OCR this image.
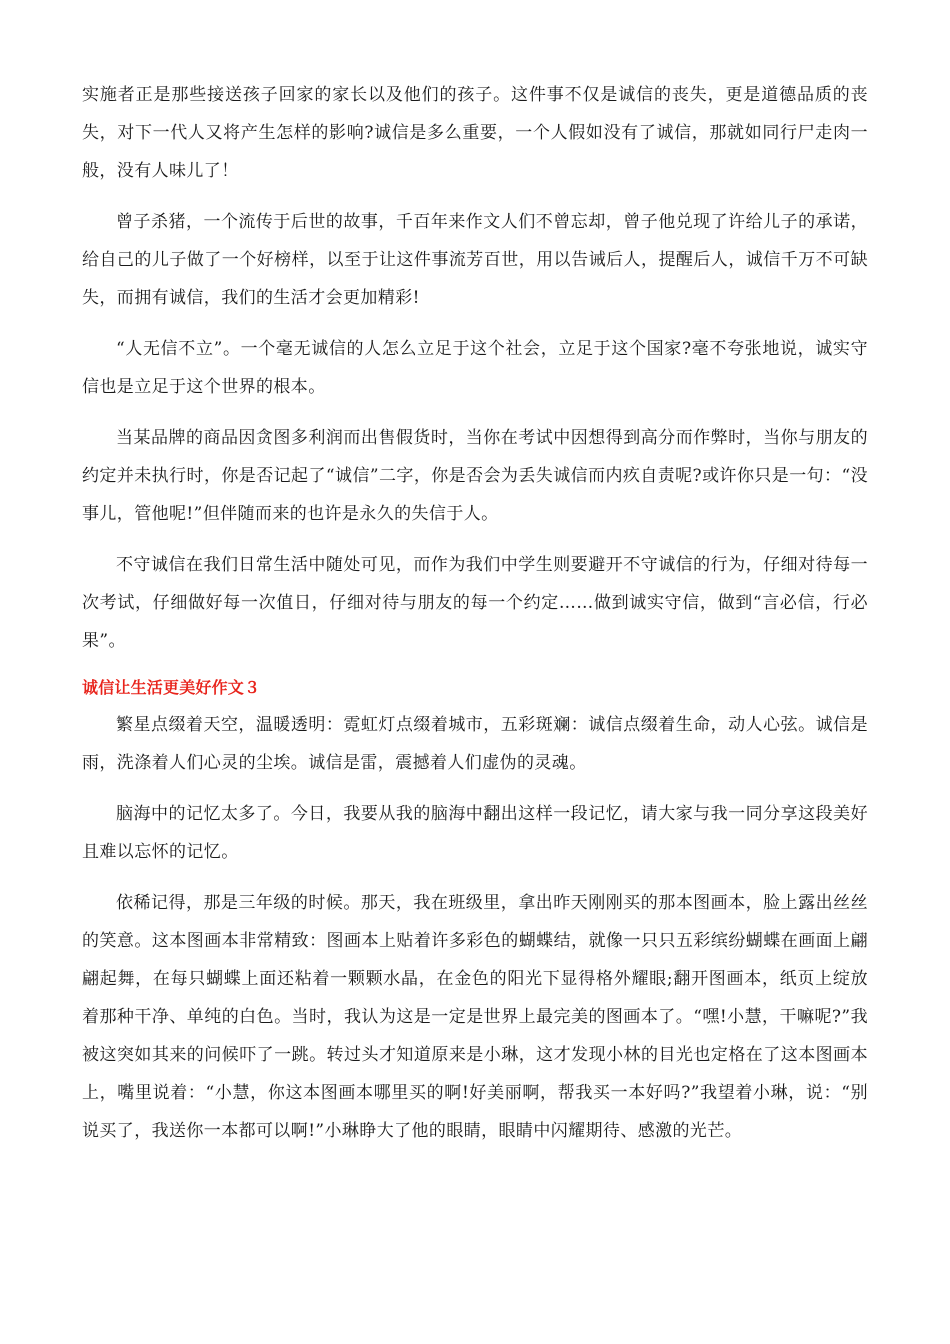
实施者正是那些接送孩子回家的家长以及他们的孩子。这件事不仅是诚信的丧失，更是道德品质的丧失，对下一代人又将产生怎样的影响?诚信是多么重要，一个人假如没有了诚信，那就如同行尸走肉一般，没有人味儿了！

曾子杀猪，一个流传于后世的故事，千百年来作文人们不曾忘却，曾子他兑现了许给儿子的承诺，给自己的儿子做了一个好榜样，以至于让这件事流芳百世，用以告诫后人，提醒后人，诚信千万不可缺失，而拥有诚信，我们的生活才会更加精彩!

“人无信不立”。一个毫无诚信的人怎么立足于这个社会，立足于这个国家?毫不夸张地说，诚实守信也是立足于这个世界的根本。

当某品牌的商品因贪图多利润而出售假货时，当你在考试中因想得到高分而作弊时，当你与朋友的约定并未执行时，你是否记起了“诚信”二字，你是否会为丢失诚信而内疚自责呢?或许你只是一句：“没事儿，管他呢!”但伴随而来的也许是永久的失信于人。

不守诚信在我们日常生活中随处可见，而作为我们中学生则要避开不守诚信的行为，仔细对待每一次考试，仔细做好每一次值日，仔细对待与朋友的每一个约定……做到诚实守信，做到“言必信，行必果”。

诚信让生活更美好作文３

繁星点缀着天空，温暖透明：霓虹灯点缀着城市，五彩斑斓：诚信点缀着生命，动人心弦。诚信是雨，洗涤着人们心灵的尘埃。诚信是雷，震撼着人们虚伪的灵魂。

脑海中的记忆太多了。今日，我要从我的脑海中翻出这样一段记忆，请大家与我一同分享这段美好且难以忘怀的记忆。

依稀记得，那是三年级的时候。那天，我在班级里，拿出昨天刚刚买的那本图画本，脸上露出丝丝的笑意。这本图画本非常精致：图画本上贴着许多彩色的蝴蝶结，就像一只只五彩缤纷蝴蝶在画面上翩翩起舞，在每只蝴蝶上面还粘着一颗颗水晶，在金色的阳光下显得格外耀眼;翻开图画本，纸页上绽放着那种干净、单纯的白色。当时，我认为这是一定是世界上最完美的图画本了。“嘿!小慧，干嘛呢?”我被这突如其来的问候吓了一跳。转过头才知道原来是小琳，这才发现小林的目光也定格在了这本图画本上，嘴里说着：“小慧，你这本图画本哪里买的啊!好美丽啊，帮我买一本好吗?”我望着小琳，说：“别说买了，我送你一本都可以啊!”小琳睁大了他的眼睛，眼睛中闪耀期待、感激的光芒。
